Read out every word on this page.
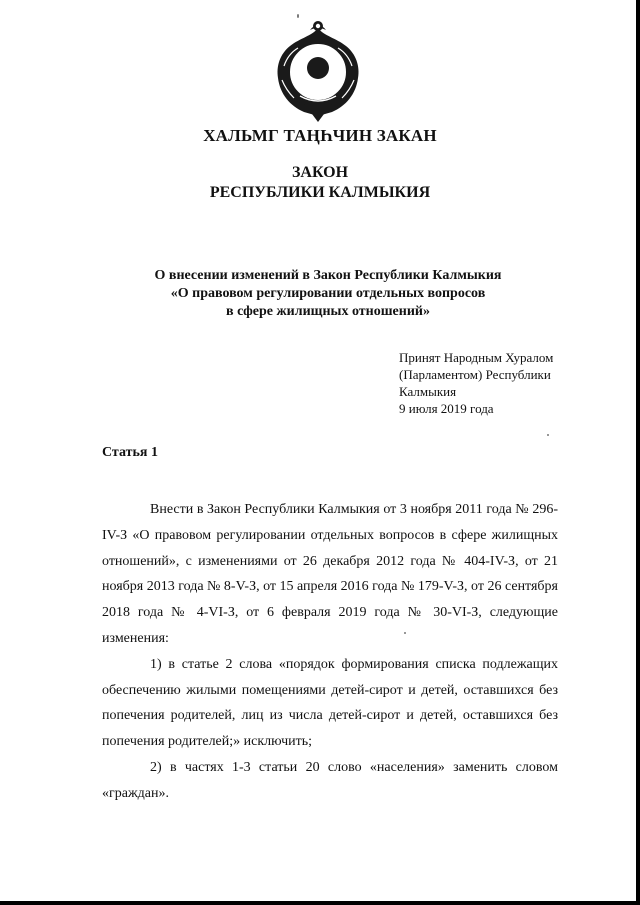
ХАЛЬМГ ТАҢҺЧИН ЗАКАН
ЗАКОН
РЕСПУБЛИКИ КАЛМЫКИЯ
О внесении изменений в Закон Республики Калмыкия
«О правовом регулировании отдельных вопросов
в сфере жилищных отношений»
Принят Народным Хуралом
(Парламентом) Республики
Калмыкия
9 июля 2019 года
Статья 1

Внести в Закон Республики Калмыкия от 3 ноября 2011 года № 296-IV-З «О правовом регулировании отдельных вопросов в сфере жилищных отношений», с изменениями от 26 декабря 2012 года № 404-IV-З, от 21 ноября 2013 года № 8-V-З, от 15 апреля 2016 года № 179-V-З, от 26 сентября 2018 года № 4-VI-З, от 6 февраля 2019 года № 30-VI-З, следующие изменения:

1) в статье 2 слова «порядок формирования списка подлежащих обеспечению жилыми помещениями детей-сирот и детей, оставшихся без попечения родителей, лиц из числа детей-сирот и детей, оставшихся без попечения родителей;» исключить;

2) в частях 1-3 статьи 20 слово «населения» заменить словом «граждан».
